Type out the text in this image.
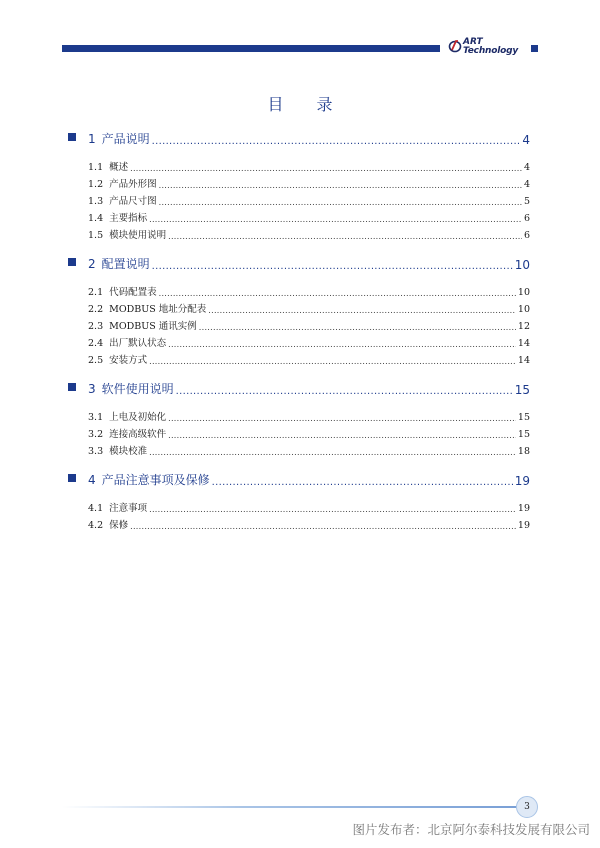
ART
Technology
目 录
1 产品说明 .....	4
1.1 概述 .....	4
1.2 产品外形图 .....	4
1.3 产品尺寸图 .....	5
1.4 主要指标 .....	6
1.5 模块使用说明 .....	6
2 配置说明 .....	10
2.1 代码配置表 .....	10
2.2 MODBUS 地址分配表 .....	10
2.3 MODBUS 通讯实例 .....	12
2.4 出厂默认状态 .....	14
2.5 安装方式 .....	14
3 软件使用说明 .....	15
3.1 上电及初始化 .....	15
3.2 连接高级软件 .....	15
3.3 模块校准 .....	18
4 产品注意事项及保修 .....	19
4.1 注意事项 .....	19
4.2 保修 .....	19
3
图片发布者：北京阿尔泰科技发展有限公司
